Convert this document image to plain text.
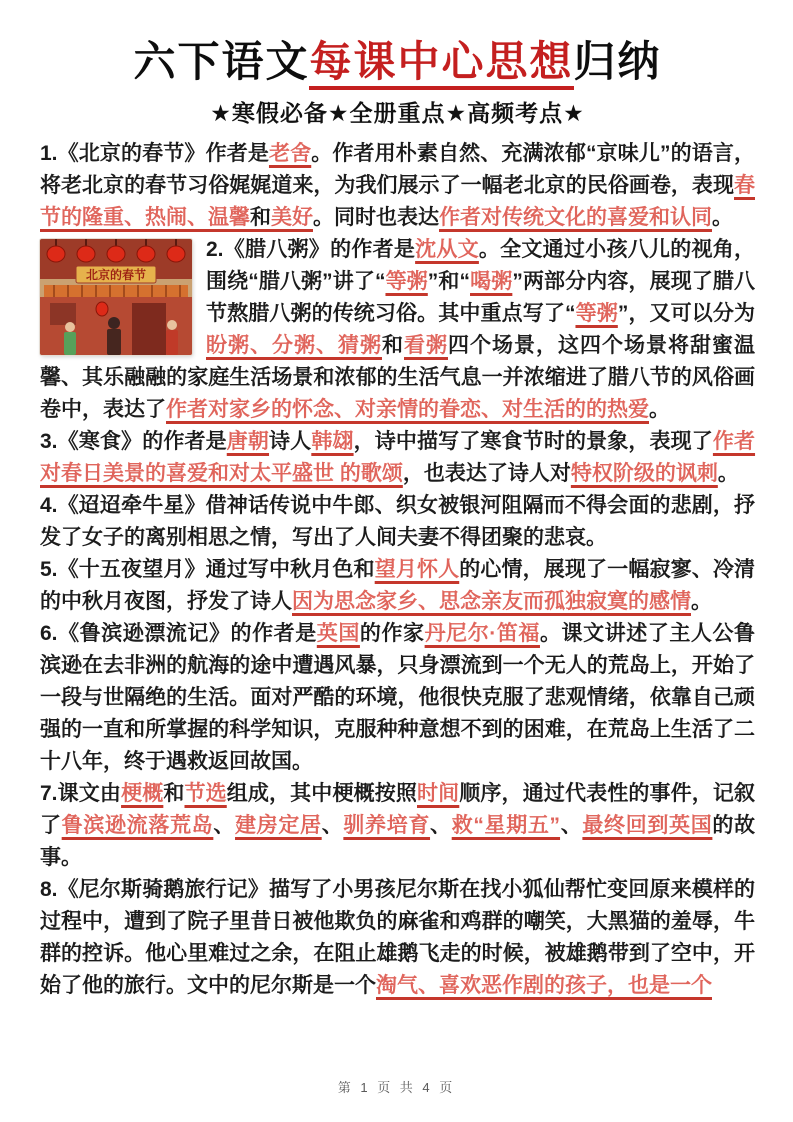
六下语文每课中心思想归纳
★寒假必备★全册重点★高频考点★

1.《北京的春节》作者是老舍。作者用朴素自然、充满浓郁“京味儿”的语言，将老北京的春节习俗娓娓道来，为我们展示了一幅老北京的民俗画卷，表现春节的隆重、热闹、温馨和美好。同时也表达作者对传统文化的喜爱和认同。

北京的春节
2.《腊八粥》的作者是沈从文。全文通过小孩八儿的视角，围绕“腊八粥”讲了“等粥”和“喝粥”两部分内容，展现了腊八节熬腊八粥的传统习俗。其中重点写了“等粥”，又可以分为盼粥、分粥、猜粥和看粥四个场景，这四个场景将甜蜜温馨、其乐融融的家庭生活场景和浓郁的生活气息一并浓缩进了腊八节的风俗画卷中，表达了作者对家乡的怀念、对亲情的眷恋、对生活的的热爱。

3.《寒食》的作者是唐朝诗人韩翃，诗中描写了寒食节时的景象，表现了作者对春日美景的喜爱和对太平盛世 的歌颂，也表达了诗人对特权阶级的讽刺。

4.《迢迢牵牛星》借神话传说中牛郎、织女被银河阻隔而不得会面的悲剧，抒发了女子的离别相思之情，写出了人间夫妻不得团聚的悲哀。

5.《十五夜望月》通过写中秋月色和望月怀人的心情，展现了一幅寂寥、冷清的中秋月夜图，抒发了诗人因为思念家乡、思念亲友而孤独寂寞的感情。

6.《鲁滨逊漂流记》的作者是英国的作家丹尼尔·笛福。课文讲述了主人公鲁滨逊在去非洲的航海的途中遭遇风暴，只身漂流到一个无人的荒岛上，开始了一段与世隔绝的生活。面对严酷的环境，他很快克服了悲观情绪，依靠自己顽强的一直和所掌握的科学知识，克服种种意想不到的困难，在荒岛上生活了二十八年，终于遇救返回故国。

7.课文由梗概和节选组成，其中梗概按照时间顺序，通过代表性的事件，记叙了鲁滨逊流落荒岛、建房定居、驯养培育、救“星期五”、最终回到英国的故事。

8.《尼尔斯骑鹅旅行记》描写了小男孩尼尔斯在找小狐仙帮忙变回原来模样的过程中，遭到了院子里昔日被他欺负的麻雀和鸡群的嘲笑，大黑猫的羞辱，牛群的控诉。他心里难过之余，在阻止雄鹅飞走的时候，被雄鹅带到了空中，开始了他的旅行。文中的尼尔斯是一个淘气、喜欢恶作剧的孩子，也是一个

第 1 页 共 4 页
